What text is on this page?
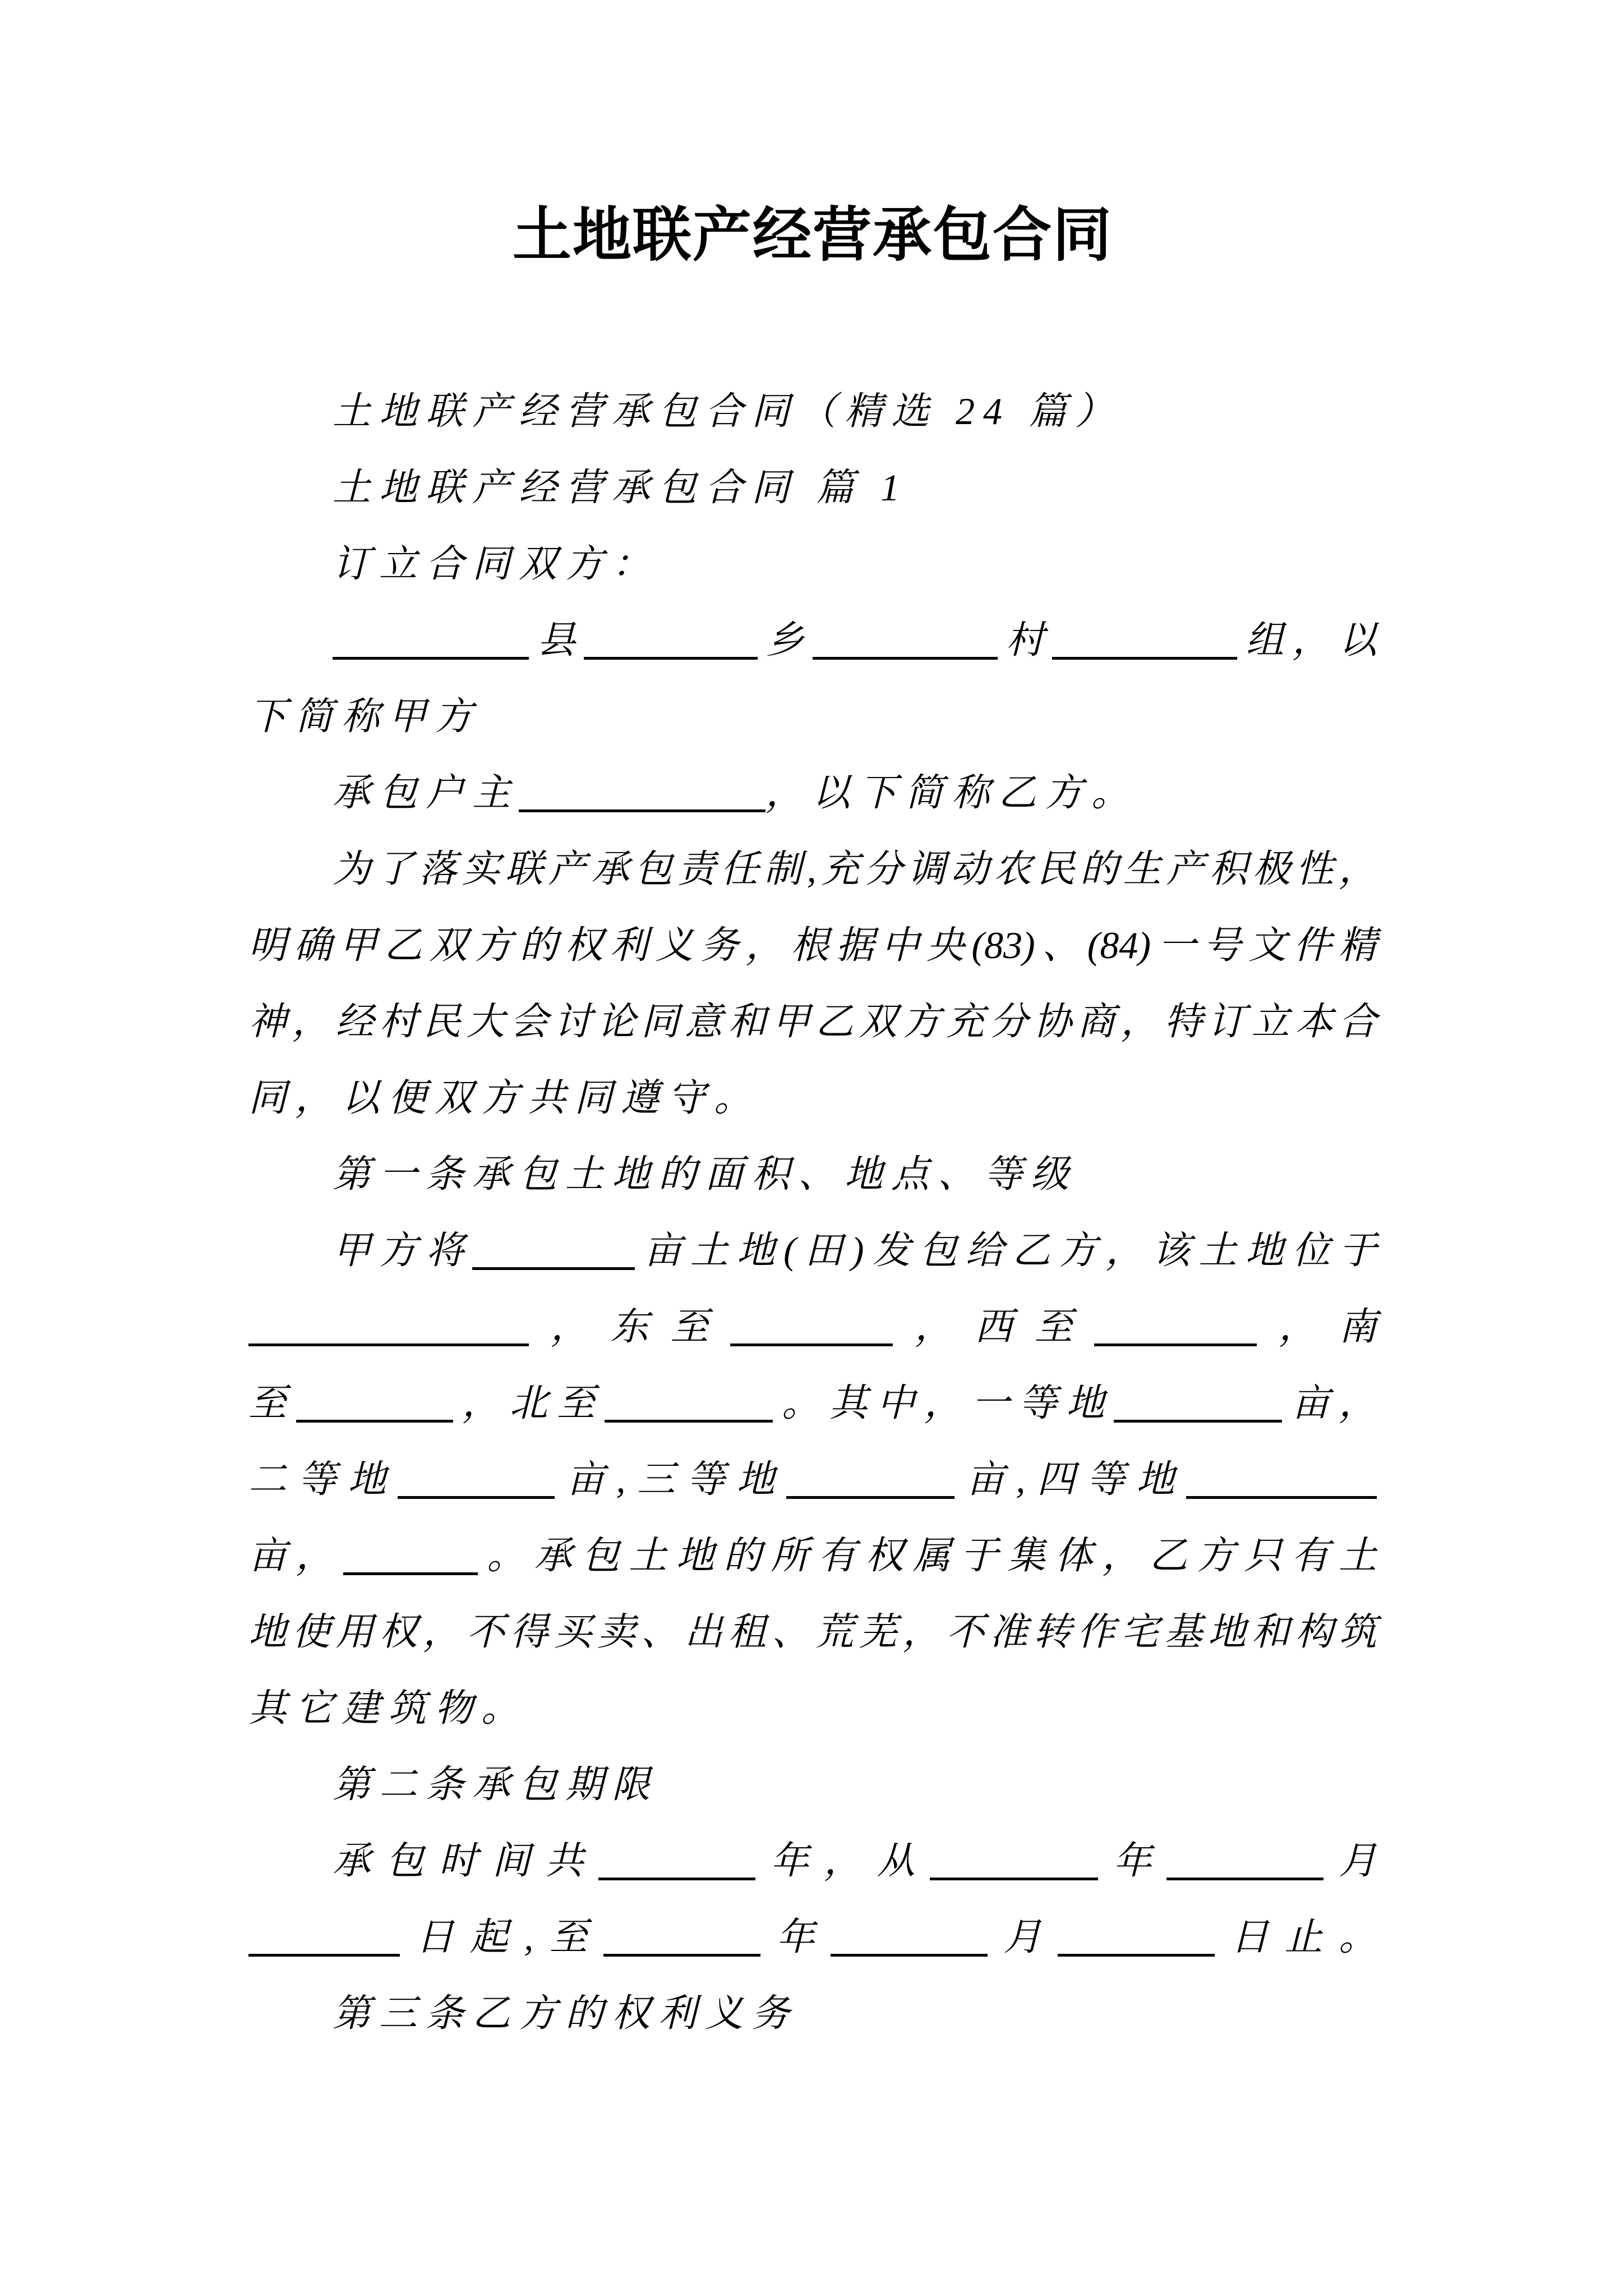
土地联产经营承包合同

土地联产经营承包合同（精选 24 篇）

土地联产经营承包合同 篇 1

订立合同双方：

县	乡	村	组，以

下简称甲方

承包户主	，以下简称乙方。

为了落实联产承包责任制,充分调动农民的生产积极性，

明确甲乙双方的权利义务，根据中央(83)、(84)一号文件精

神，经村民大会讨论同意和甲乙双方充分协商，特订立本合

同，以便双方共同遵守。

第一条承包土地的面积、地点、等级

甲方将	亩土地(田)发包给乙方，该土地位于

，东至	，西至	，南

至	，北至	。其中，一等地	亩，

二等地	亩,三等地	亩,四等地

亩，	。承包土地的所有权属于集体，乙方只有土

地使用权，不得买卖、出租、荒芜，不准转作宅基地和构筑

其它建筑物。

第二条承包期限

承包时间共	年，从	年	月

日起,至	年	月	日止。

第三条乙方的权利义务
